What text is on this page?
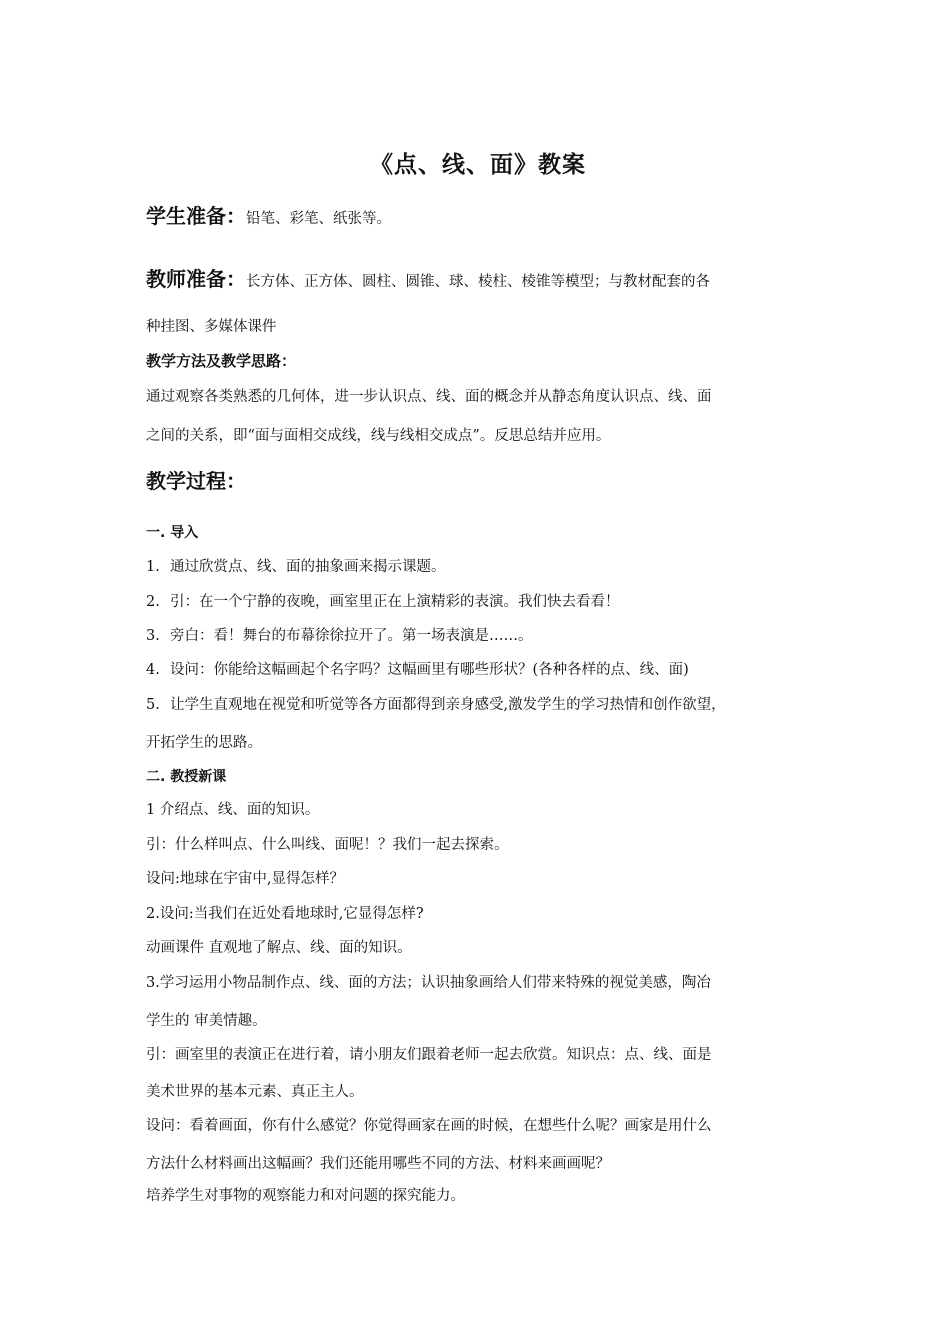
《点、线、面》教案
学生准备：铅笔、彩笔、纸张等。
教师准备：长方体、正方体、圆柱、圆锥、球、棱柱、棱锥等模型；与教材配套的各
种挂图、多媒体课件
教学方法及教学思路：
通过观察各类熟悉的几何体，进一步认识点、线、面的概念并从静态角度认识点、线、面
之间的关系，即“面与面相交成线，线与线相交成点”。反思总结并应用。
教学过程：
一. 导入
1. 通过欣赏点、线、面的抽象画来揭示课题。
2. 引：在一个宁静的夜晚，画室里正在上演精彩的表演。我们快去看看！
3. 旁白：看！舞台的布幕徐徐拉开了。第一场表演是……。
4. 设问：你能给这幅画起个名字吗？这幅画里有哪些形状？(各种各样的点、线、面)
5. 让学生直观地在视觉和听觉等各方面都得到亲身感受,激发学生的学习热情和创作欲望，
开拓学生的思路。
二. 教授新课
1 介绍点、线、面的知识。
引：什么样叫点、什么叫线、面呢！？我们一起去探索。
设问:地球在宇宙中,显得怎样？
2.设问:当我们在近处看地球时,它显得怎样?
动画课件 直观地了解点、线、面的知识。
3.学习运用小物品制作点、线、面的方法；认识抽象画给人们带来特殊的视觉美感，陶冶
学生的 审美情趣。
引：画室里的表演正在进行着，请小朋友们跟着老师一起去欣赏。知识点：点、线、面是
美术世界的基本元素、真正主人。
设问：看着画面，你有什么感觉？你觉得画家在画的时候，在想些什么呢？画家是用什么
方法什么材料画出这幅画？我们还能用哪些不同的方法、材料来画画呢？
培养学生对事物的观察能力和对问题的探究能力。
